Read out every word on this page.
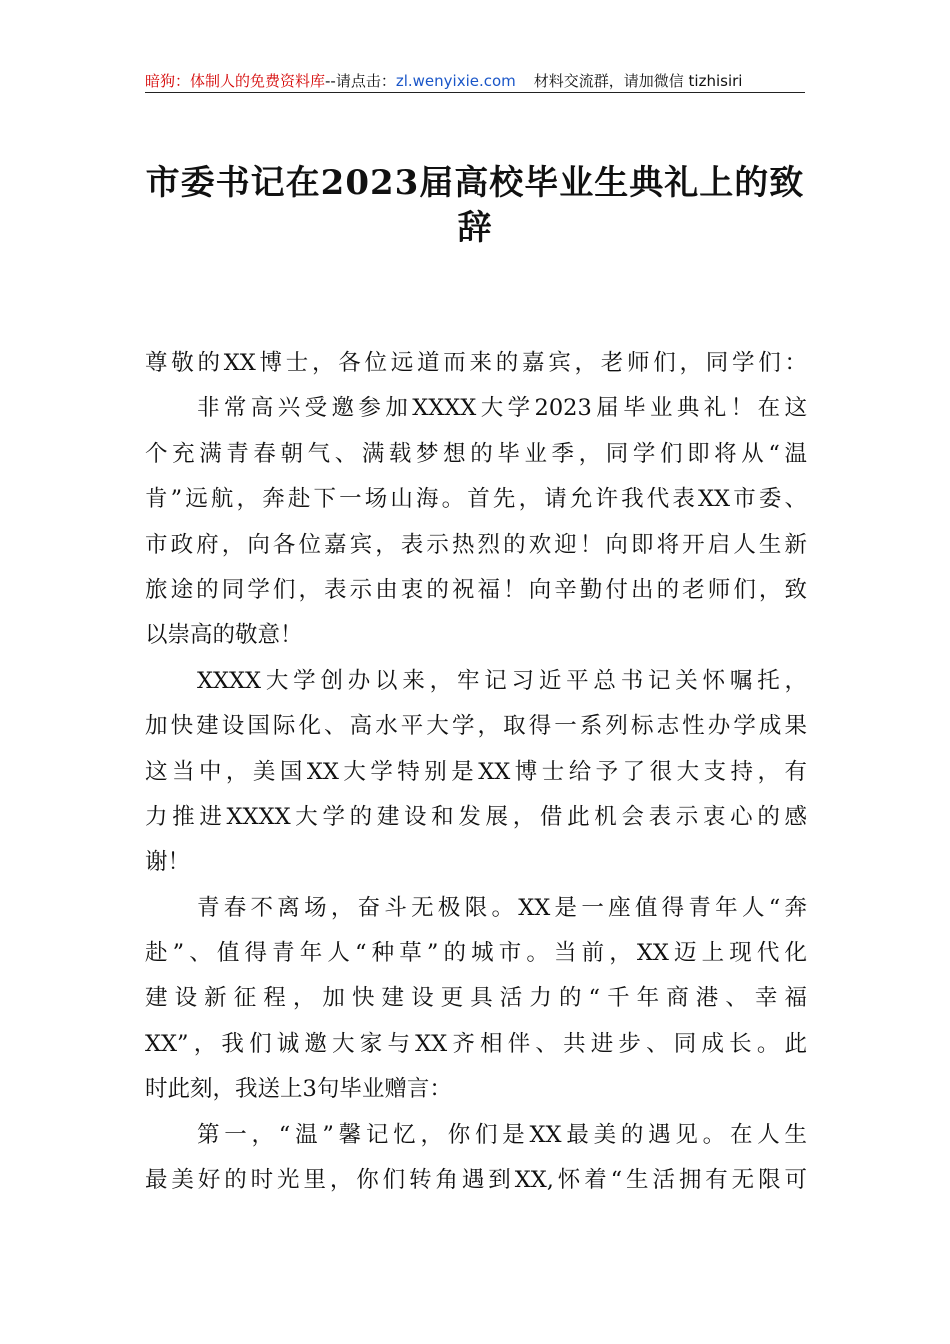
暗狗：体制人的免费资料库--请点击：zl.wenyixie.com 材料交流群，请加微信 tizhisiri
市委书记在2023届高校毕业生典礼上的致
辞
尊敬的XX博士，各位远道而来的嘉宾，老师们，同学们：
非常高兴受邀参加XXXX大学2023届毕业典礼！在这
个充满青春朝气、满载梦想的毕业季，同学们即将从“温
肯”远航，奔赴下一场山海。首先，请允许我代表XX市委、
市政府，向各位嘉宾，表示热烈的欢迎！向即将开启人生新
旅途的同学们，表示由衷的祝福！向辛勤付出的老师们，致
以崇高的敬意！
XXXX大学创办以来，牢记习近平总书记关怀嘱托，
加快建设国际化、高水平大学，取得一系列标志性办学成果
这当中，美国XX大学特别是XX博士给予了很大支持，有
力推进XXXX大学的建设和发展，借此机会表示衷心的感
谢！
青春不离场，奋斗无极限。XX是一座值得青年人“奔
赴”、值得青年人“种草”的城市。当前，XX迈上现代化
建设新征程，加快建设更具活力的“千年商港、幸福
XX”，我们诚邀大家与XX齐相伴、共进步、同成长。此
时此刻，我送上3句毕业赠言：
第一，“温”馨记忆，你们是XX最美的遇见。在人生
最美好的时光里，你们转角遇到XX,怀着“生活拥有无限可
